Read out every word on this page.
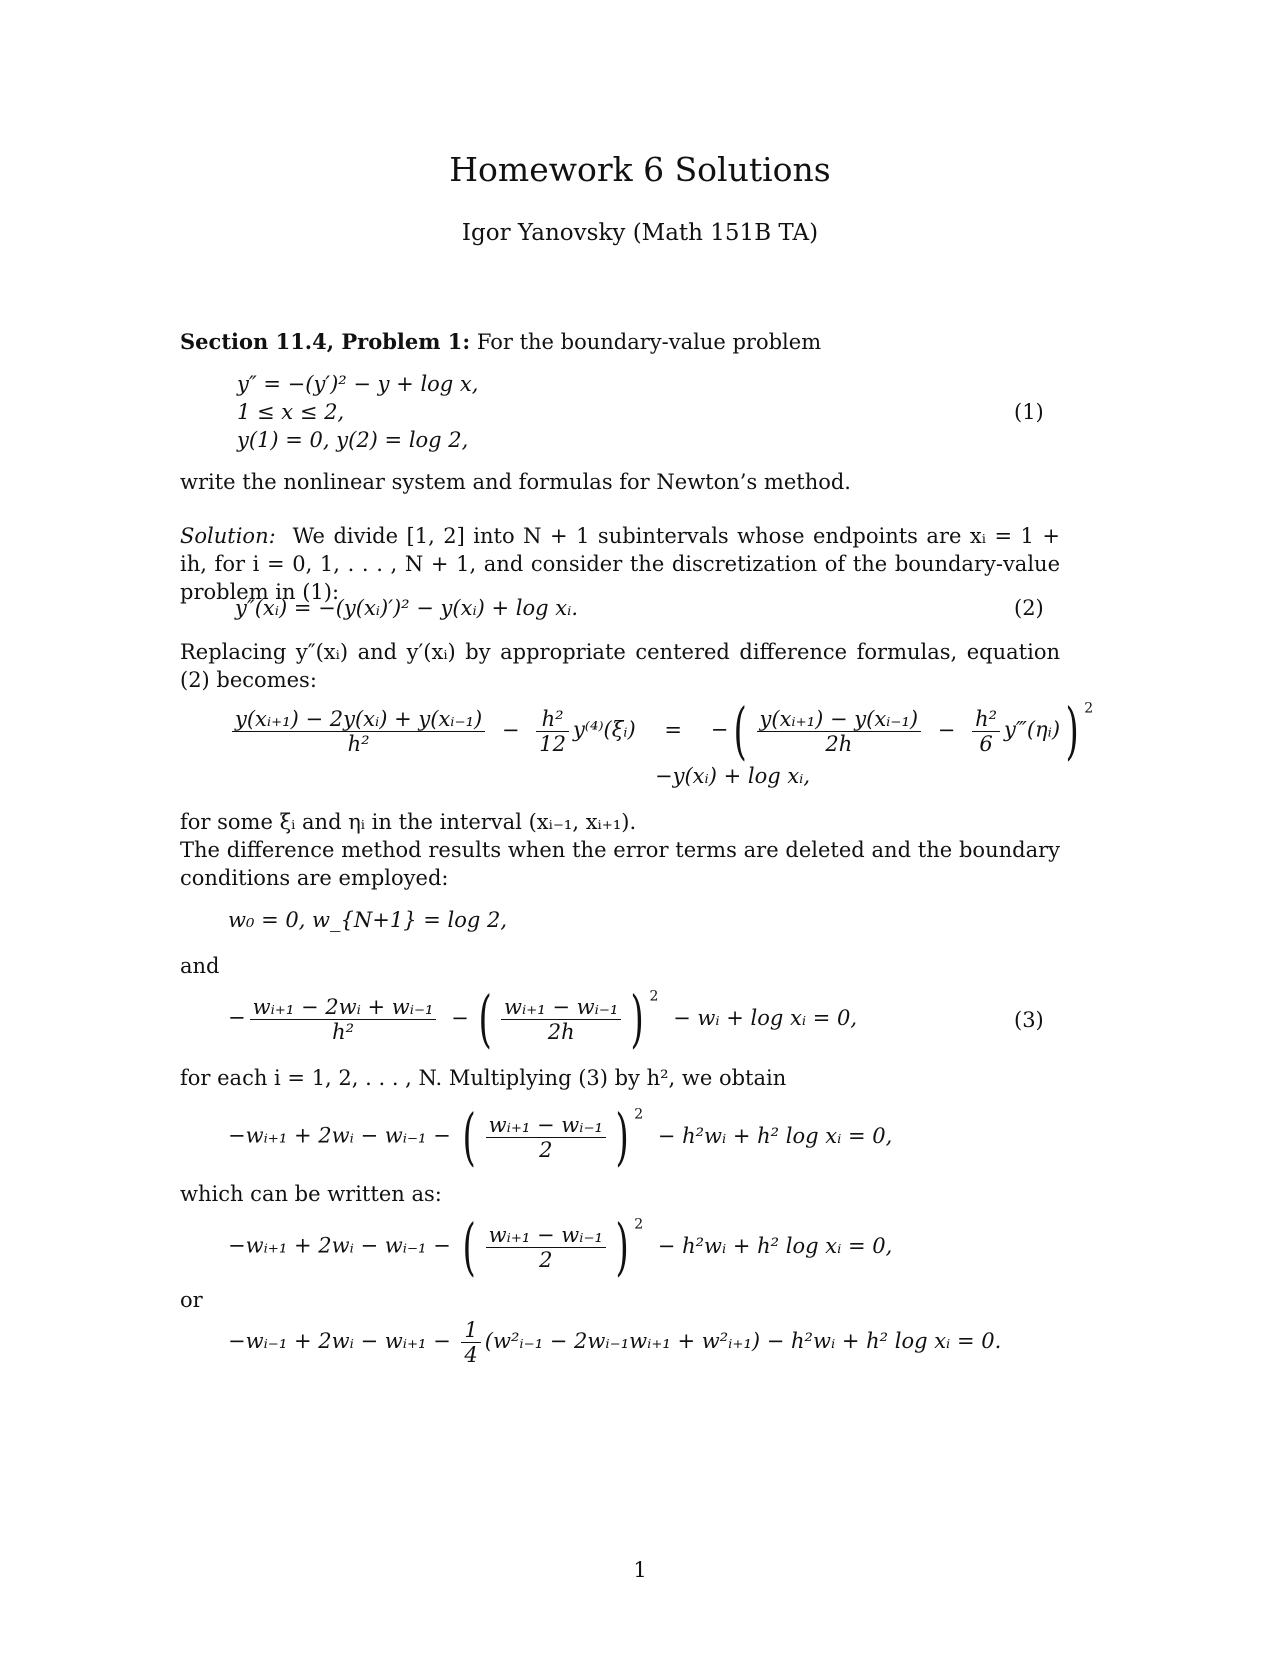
Homework 6 Solutions
Igor Yanovsky (Math 151B TA)
Section 11.4, Problem 1: For the boundary-value problem
y″ = −(y′)² − y + log x,
1 ≤ x ≤ 2,
y(1) = 0, y(2) = log 2,
(1)
write the nonlinear system and formulas for Newton’s method.
Solution: We divide [1, 2] into N + 1 subintervals whose endpoints are xᵢ = 1 + ih, for i = 0, 1, . . . , N + 1, and consider the discretization of the boundary-value problem in (1):
y″(xᵢ) = −(y(xᵢ)′)² − y(xᵢ) + log xᵢ.	(2)
Replacing y″(xᵢ) and y′(xᵢ) by appropriate centered difference formulas, equation (2) becomes:
$\frac{\text{y(xᵢ₊₁) − 2y(xᵢ) + y(xᵢ₋₁)}}{\text{h²}} - \frac{\text{h²}}{12}$ y⁽⁴⁾(ξᵢ) = −( $\frac{\text{y(xᵢ₊₁) − y(xᵢ₋₁)}}{2h} - \frac{\text{h²}}{6}$ y‴(ηᵢ)) $^2$
−y(xᵢ) + log xᵢ,
for some ξᵢ and ηᵢ in the interval (xᵢ₋₁, xᵢ₊₁).
The difference method results when the error terms are deleted and the boundary conditions are employed:
w₀ = 0, w_{N+1} = log 2,
and
− $\frac{\text{wᵢ₊₁ − 2wᵢ + wᵢ₋₁}}{\text{h²}}$ − ( $\frac{\text{wᵢ₊₁ − wᵢ₋₁}}{2h}$ ) $^2$ − wᵢ + log xᵢ = 0,	(3)
for each i = 1, 2, . . . , N. Multiplying (3) by h², we obtain
−wᵢ₊₁ + 2wᵢ − wᵢ₋₁ − ( $\frac{\text{wᵢ₊₁ − wᵢ₋₁}}{2}$ ) $^2$ − h²wᵢ + h² log xᵢ = 0,
which can be written as:
−wᵢ₊₁ + 2wᵢ − wᵢ₋₁ − ( $\frac{\text{wᵢ₊₁ − wᵢ₋₁}}{2}$ ) $^2$ − h²wᵢ + h² log xᵢ = 0,
or
−wᵢ₋₁ + 2wᵢ − wᵢ₊₁ − $\frac{1}{4}$ (w²ᵢ₋₁ − 2wᵢ₋₁wᵢ₊₁ + w²ᵢ₊₁) − h²wᵢ + h² log xᵢ = 0.
1
